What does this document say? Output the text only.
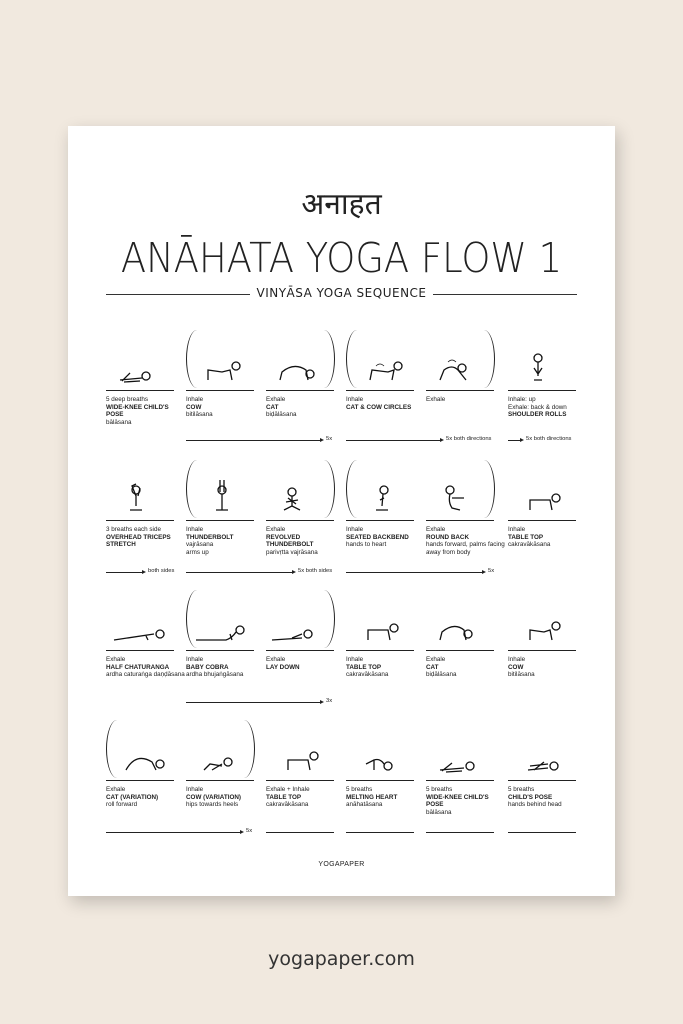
अनाहत
ANĀHATA YOGA FLOW 1
VINYĀSA YOGA SEQUENCE
5 deep breaths
WIDE-KNEE CHILD'S POSE
bālāsana
Inhale
COW
bitilāsana
Exhale
CAT
biḍālāsana
Inhale
CAT & COW CIRCLES
Exhale	Inhale: up
Exhale: back & down
SHOULDER ROLLS
5x	5x both directions	5x both directions
3 breaths each side
OVERHEAD TRICEPS STRETCH
Inhale
THUNDERBOLT
vajrāsana
arms up
Exhale
REVOLVED THUNDERBOLT
parivṛtta vajrāsana
Inhale
SEATED BACKBEND
hands to heart
Exhale
ROUND BACK
hands forward, palms facing away from body
Inhale
TABLE TOP
cakravākāsana
both sides	5x both sides	5x
Exhale
HALF CHATURANGA
ardha caturaṅga daṇḍāsana
Inhale
BABY COBRA
ardha bhujaṅgāsana
Exhale
LAY DOWN
Inhale
TABLE TOP
cakravākāsana
Exhale
CAT
biḍālāsana
Inhale
COW
bitilāsana
3x
Exhale
CAT (VARIATION)
roll forward
Inhale
COW (VARIATION)
hips towards heels
Exhale + Inhale
TABLE TOP
cakravākāsana
5 breaths
MELTING HEART
anāhatāsana
5 breaths
WIDE-KNEE CHILD'S POSE
bālāsana
5 breaths
CHILD'S POSE
hands behind head
5x
YOGAPAPER
yogapaper.com
